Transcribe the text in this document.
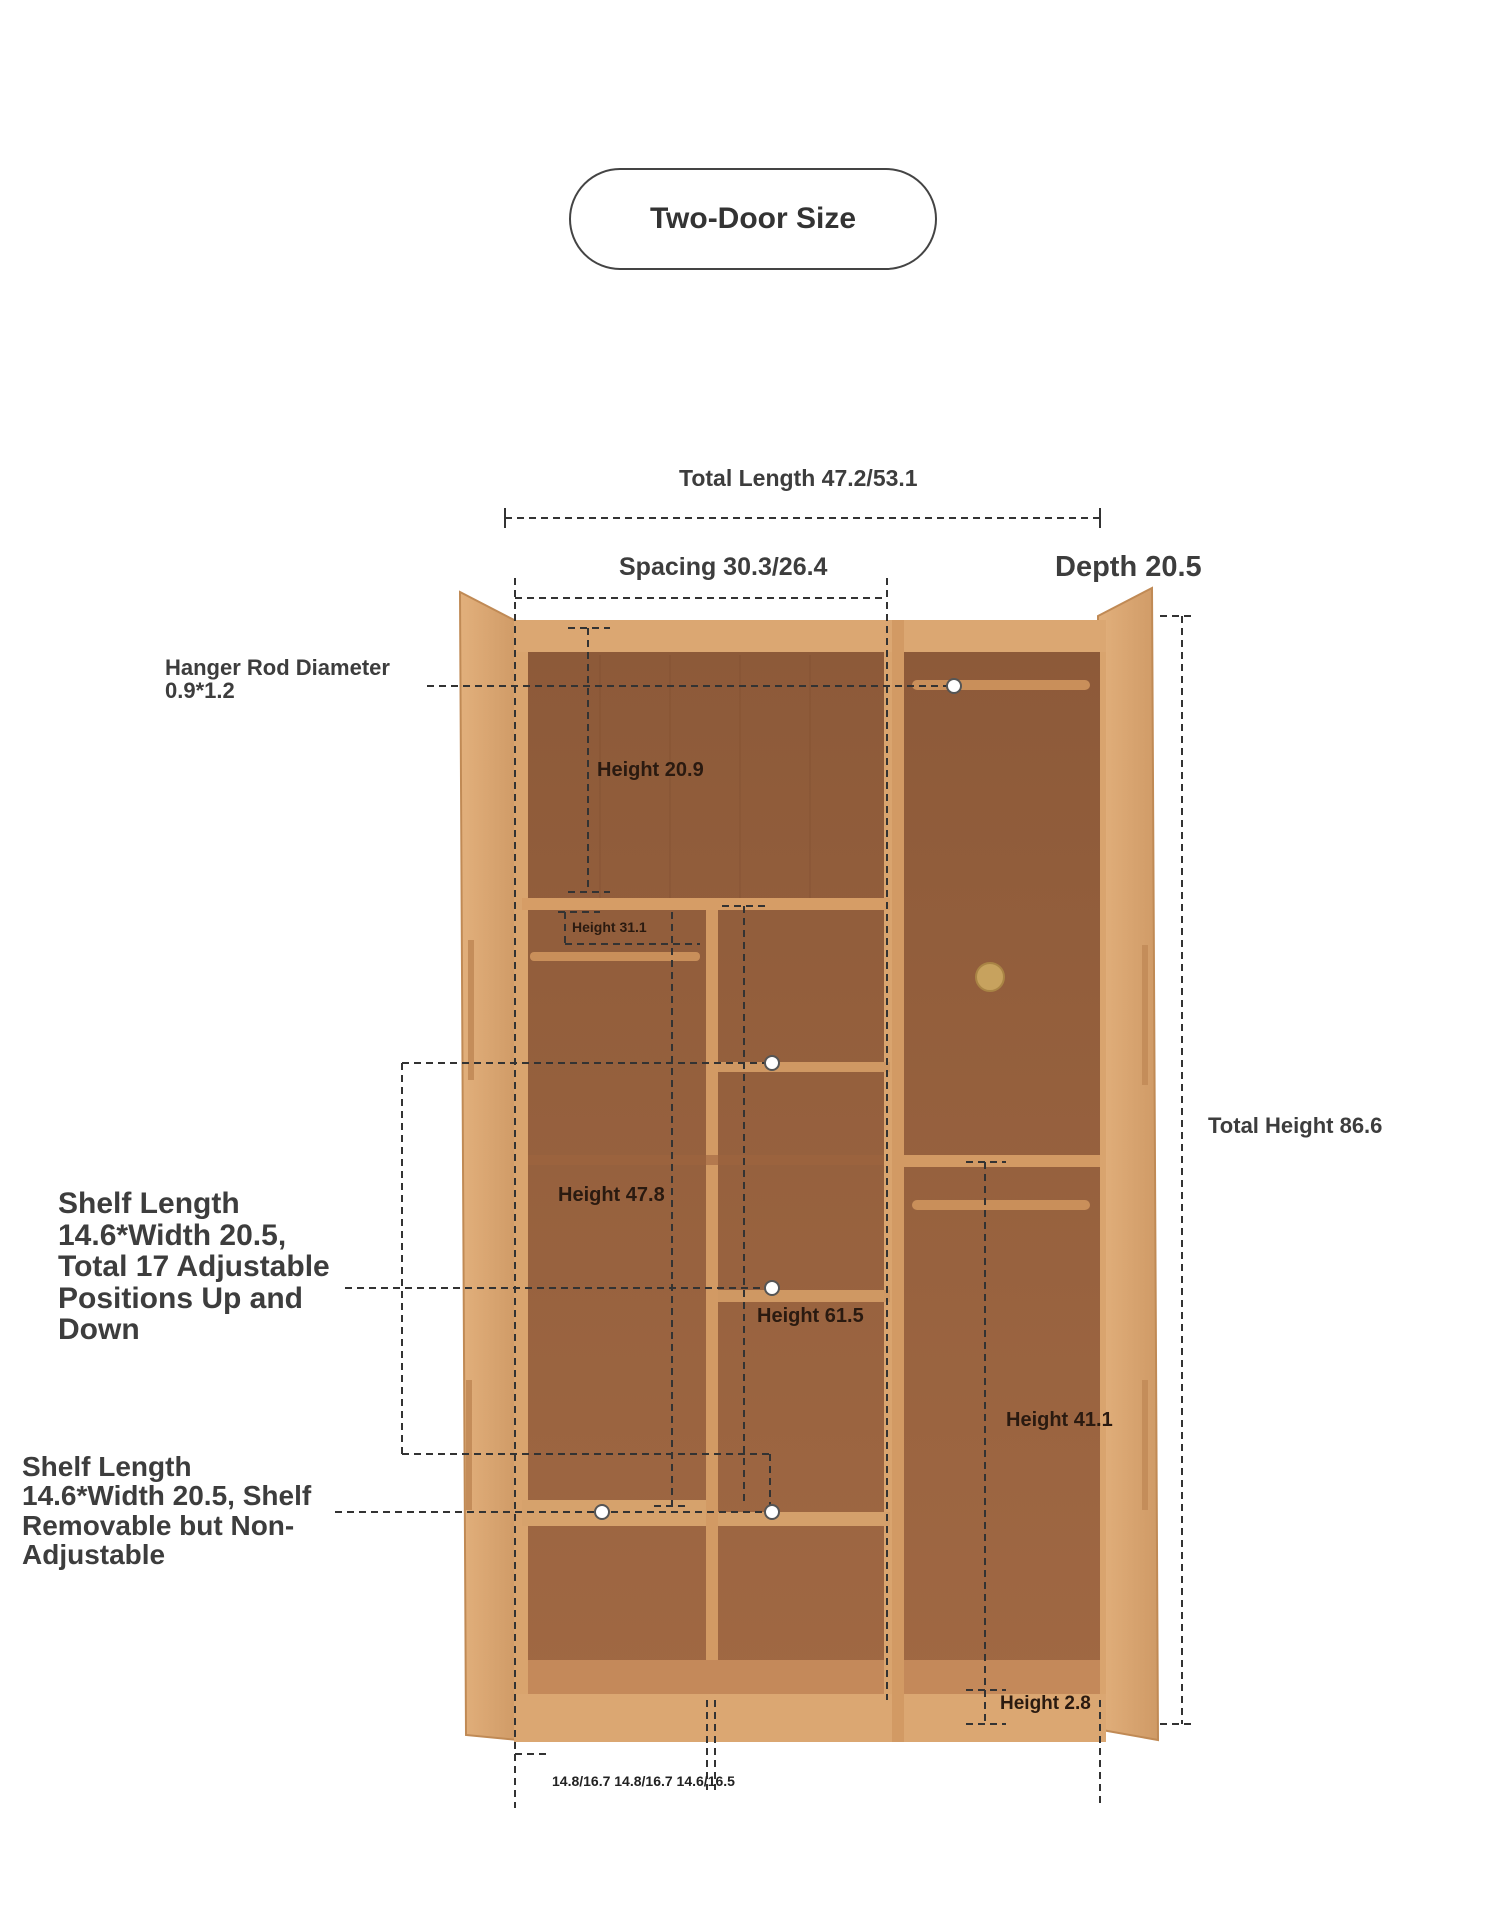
Two-Door Size
Total Length 47.2/53.1
Spacing 30.3/26.4	Depth 20.5
Hanger Rod Diameter 0.9*1.2
Height 20.9
Height 31.1
Height 47.8
Height 61.5
Height 41.1
Height 2.8
Total Height 86.6
Shelf Length 14.6*Width 20.5, Total 17 Adjustable Positions Up and Down
Shelf Length 14.6*Width 20.5, Shelf Removable but Non-Adjustable
14.8/16.7 14.8/16.7 14.6/16.5
